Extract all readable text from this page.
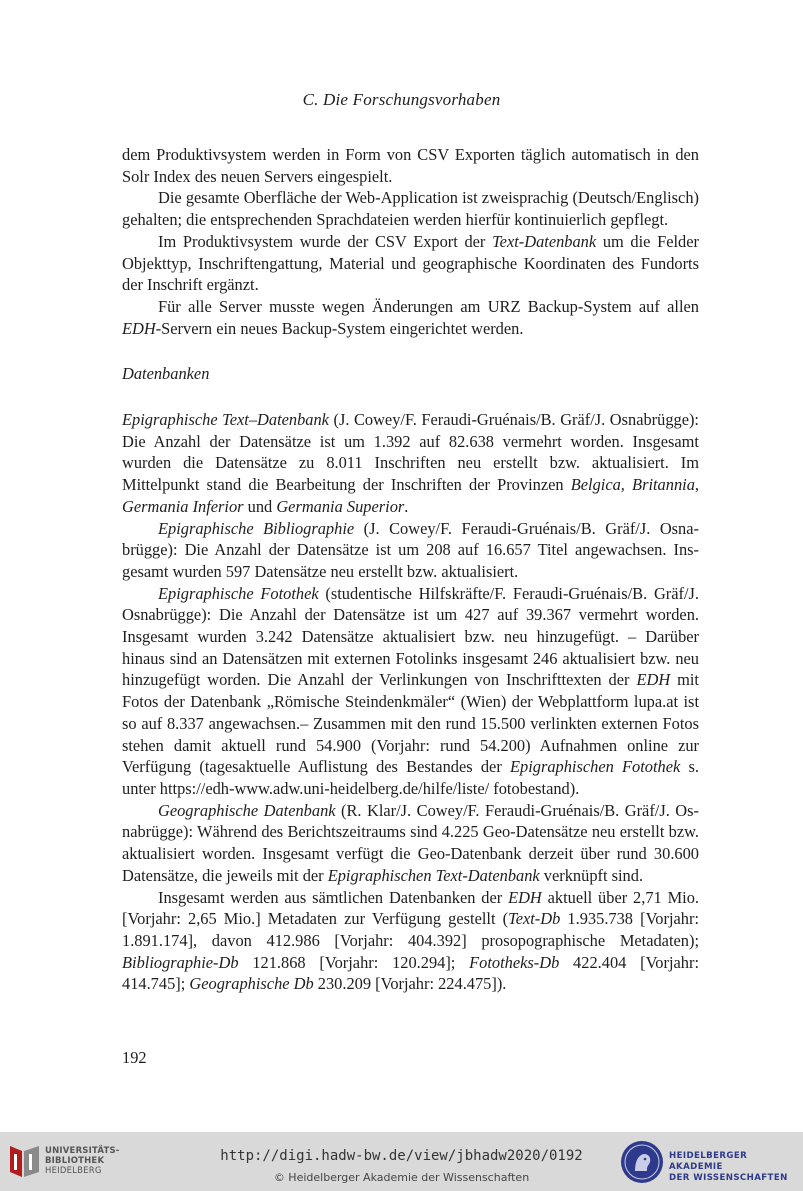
C. Die Forschungsvorhaben

dem Produktivsystem werden in Form von CSV Exporten täglich automatisch in den Solr Index des neuen Servers eingespielt.

Die gesamte Oberfläche der Web-Application ist zweisprachig (Deutsch/Englisch) gehalten; die entsprechenden Sprachdateien werden hierfür kontinuierlich gepflegt.

Im Produktivsystem wurde der CSV Export der Text-Datenbank um die Felder Objekttyp, Inschriftengattung, Material und geographische Koordinaten des Fundorts der Inschrift ergänzt.

Für alle Server musste wegen Änderungen am URZ Backup-System auf allen EDH-Servern ein neues Backup-System eingerichtet werden.

Datenbanken

Epigraphische Text–Datenbank (J. Cowey/F. Feraudi-Gruénais/B. Gräf/J. Osnabrügge): Die Anzahl der Datensätze ist um 1.392 auf 82.638 vermehrt worden. Insgesamt wurden die Datensätze zu 8.011 Inschriften neu erstellt bzw. aktualisiert. Im Mittelpunkt stand die Bearbeitung der Inschriften der Provinzen Belgica, Britannia, Germania Inferior und Germania Superior.

Epigraphische Bibliographie (J. Cowey/F. Feraudi-Gruénais/B. Gräf/J. Osnabrügge): Die Anzahl der Datensätze ist um 208 auf 16.657 Titel angewachsen. Insgesamt wurden 597 Datensätze neu erstellt bzw. aktualisiert.

Epigraphische Fotothek (studentische Hilfskräfte/F. Feraudi-Gruénais/B. Gräf/J. Osnabrügge): Die Anzahl der Datensätze ist um 427 auf 39.367 vermehrt worden. Insgesamt wurden 3.242 Datensätze aktualisiert bzw. neu hinzugefügt. – Darüber hinaus sind an Datensätzen mit externen Fotolinks insgesamt 246 aktualisiert bzw. neu hinzugefügt worden. Die Anzahl der Verlinkungen von Inschrifttexten der EDH mit Fotos der Datenbank „Römische Steindenkmäler“ (Wien) der Webplattform lupa.at ist so auf 8.337 angewachsen.– Zusammen mit den rund 15.500 verlinkten externen Fotos stehen damit aktuell rund 54.900 (Vorjahr: rund 54.200) Aufnahmen online zur Verfügung (tagesaktuelle Auflistung des Bestandes der Epigraphischen Fotothek s. unter https://edh-www.adw.uni-heidelberg.de/hilfe/liste/ fotobestand).

Geographische Datenbank (R. Klar/J. Cowey/F. Feraudi-Gruénais/B. Gräf/J. Osnabrügge): Während des Berichtszeitraums sind 4.225 Geo-Datensätze neu erstellt bzw. aktualisiert worden. Insgesamt verfügt die Geo-Datenbank derzeit über rund 30.600 Datensätze, die jeweils mit der Epigraphischen Text-Datenbank verknüpft sind.

Insgesamt werden aus sämtlichen Datenbanken der EDH aktuell über 2,71 Mio. [Vorjahr: 2,65 Mio.] Metadaten zur Verfügung gestellt (Text-Db 1.935.738 [Vorjahr: 1.891.174], davon 412.986 [Vorjahr: 404.392] prosopographische Metadaten); Bibliographie-Db 121.868 [Vorjahr: 120.294]; Fototheks-Db 422.404 [Vorjahr: 414.745]; Geographische Db 230.209 [Vorjahr: 224.475]).

192
UNIVERSITÄTS-
BIBLIOTHEK
HEIDELBERG
http://digi.hadw-bw.de/view/jbhadw2020/0192
© Heidelberger Akademie der Wissenschaften
HEIDELBERGER AKADEMIE
DER WISSENSCHAFTEN
